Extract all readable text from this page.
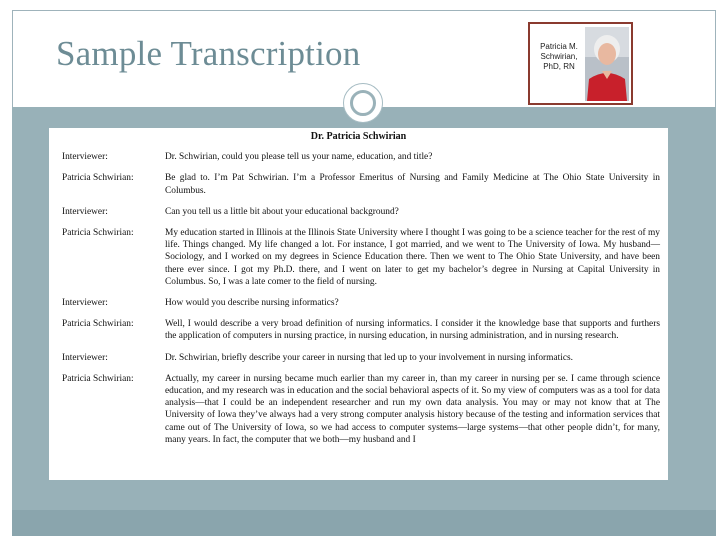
Sample Transcription	Patricia M.
Schwirian,
PhD, RN
Dr. Patricia Schwirian
Interviewer:	Dr. Schwirian, could you please tell us your name, education, and title?
Patricia Schwirian:	Be glad to. I’m Pat Schwirian. I’m a Professor Emeritus of Nursing and Family Medicine at The Ohio State University in Columbus.
Interviewer:	Can you tell us a little bit about your educational background?
Patricia Schwirian:	My education started in Illinois at the Illinois State University where I thought I was going to be a science teacher for the rest of my life. Things changed. My life changed a lot. For instance, I got married, and we went to The University of Iowa. My husband—Sociology, and I worked on my degrees in Science Education there. Then we went to The Ohio State University, and have been there ever since. I got my Ph.D. there, and I went on later to get my bachelor’s degree in Nursing at Capital University in Columbus. So, I was a late comer to the field of nursing.
Interviewer:	How would you describe nursing informatics?
Patricia Schwirian:	Well, I would describe a very broad definition of nursing informatics. I consider it the knowledge base that supports and furthers the application of computers in nursing practice, in nursing education, in nursing administration, and in nursing research.
Interviewer:	Dr. Schwirian, briefly describe your career in nursing that led up to your involvement in nursing informatics.
Patricia Schwirian:	Actually, my career in nursing became much earlier than my career in, than my career in nursing per se. I came through science education, and my research was in education and the social behavioral aspects of it. So my view of computers was as a tool for data analysis—that I could be an independent researcher and run my own data analysis. You may or may not know that at The University of Iowa they’ve always had a very strong computer analysis history because of the testing and information services that came out of The University of Iowa, so we had access to computer systems—large systems—that other people didn’t, for many, many years. In fact, the computer that we both—my husband and I
